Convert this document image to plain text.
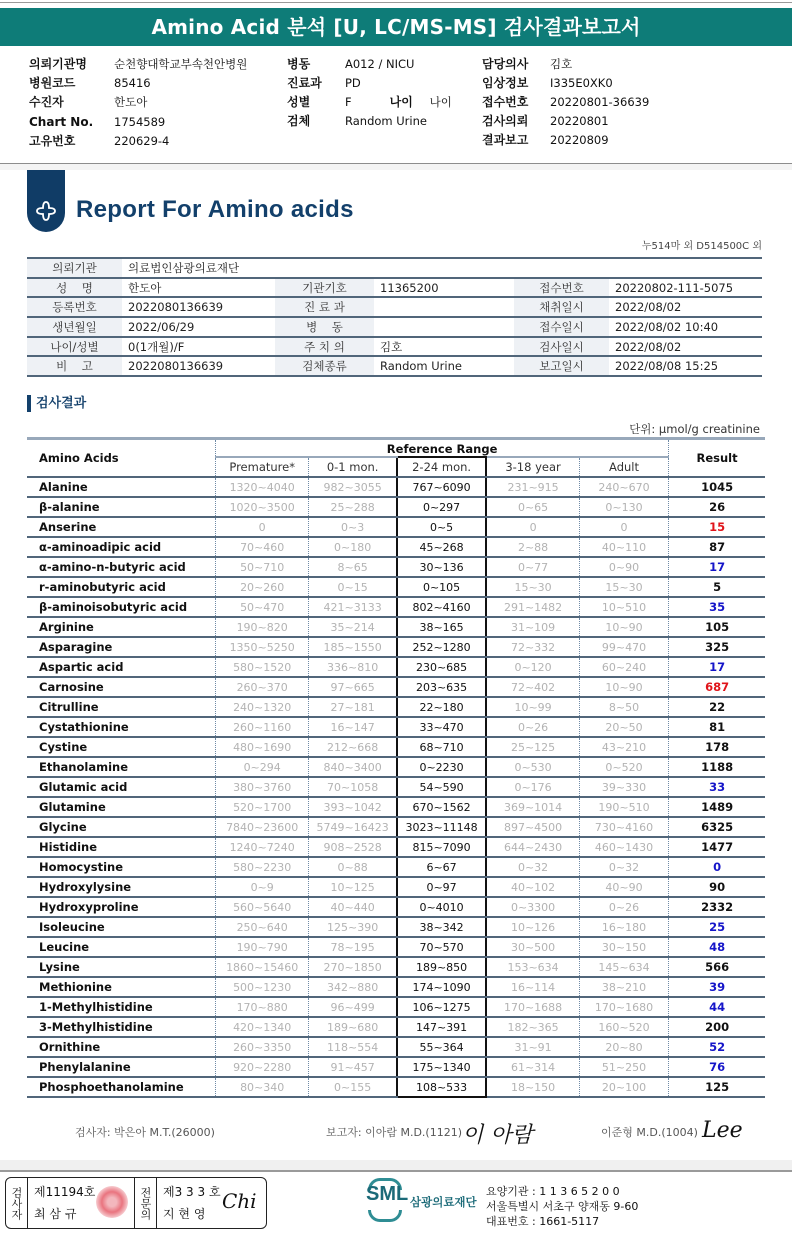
Amino Acid 분석 [U, LC/MS-MS] 검사결과보고서
의뢰기관명 순천향대학교부속천안병원
병원코드	85416
수진자	한도아
Chart No. 1754589
고유번호	220629-4
병동	A012 / NICU
진료과 PD
성별	F	나이 나이
검체	Random Urine
담당의사 김호
임상정보 I335E0XK0
접수번호 20220801-36639
검사의뢰 20220801
결과보고 20220809
Report For Amino acids
누514마 외 D514500C 외
의뢰기관	의료법인삼광의료재단				
성    명	한도아	기관기호	11365200	접수번호	20220802-111-5075
등록번호	2022080136639	진 료 과		채취일시	2022/08/02
생년월일	2022/06/29	병    동		접수일시	2022/08/02 10:40
나이/성별	0(1개월)/F	주 치 의	김호	검사일시	2022/08/02
비    고	2022080136639	검체종류	Random Urine	보고일시	2022/08/08 15:25
검사결과
단위: μmol/g creatinine
Amino Acids	Reference Range					Result
	Premature*	0-1 mon.	2-24 mon.	3-18 year	Adult	
Alanine	1320~4040	982~3055	767~6090	231~915	240~670	1045
β-alanine	1020~3500	25~288	0~297	0~65	0~130	26
Anserine	0	0~3	0~5	0	0	15
α-aminoadipic acid	70~460	0~180	45~268	2~88	40~110	87
α-amino-n-butyric acid	50~710	8~65	30~136	0~77	0~90	17
r-aminobutyric acid	20~260	0~15	0~105	15~30	15~30	5
β-aminoisobutyric acid	50~470	421~3133	802~4160	291~1482	10~510	35
Arginine	190~820	35~214	38~165	31~109	10~90	105
Asparagine	1350~5250	185~1550	252~1280	72~332	99~470	325
Aspartic acid	580~1520	336~810	230~685	0~120	60~240	17
Carnosine	260~370	97~665	203~635	72~402	10~90	687
Citrulline	240~1320	27~181	22~180	10~99	8~50	22
Cystathionine	260~1160	16~147	33~470	0~26	20~50	81
Cystine	480~1690	212~668	68~710	25~125	43~210	178
Ethanolamine	0~294	840~3400	0~2230	0~530	0~520	1188
Glutamic acid	380~3760	70~1058	54~590	0~176	39~330	33
Glutamine	520~1700	393~1042	670~1562	369~1014	190~510	1489
Glycine	7840~23600	5749~16423	3023~11148	897~4500	730~4160	6325
Histidine	1240~7240	908~2528	815~7090	644~2430	460~1430	1477
Homocystine	580~2230	0~88	6~67	0~32	0~32	0
Hydroxylysine	0~9	10~125	0~97	40~102	40~90	90
Hydroxyproline	560~5640	40~440	0~4010	0~3300	0~26	2332
Isoleucine	250~640	125~390	38~342	10~126	16~180	25
Leucine	190~790	78~195	70~570	30~500	30~150	48
Lysine	1860~15460	270~1850	189~850	153~634	145~634	566
Methionine	500~1230	342~880	174~1090	16~114	38~210	39
1-Methylhistidine	170~880	96~499	106~1275	170~1688	170~1680	44
3-Methylhistidine	420~1340	189~680	147~391	182~365	160~520	200
Ornithine	260~3350	118~554	55~364	31~91	20~80	52
Phenylalanine	920~2280	91~457	175~1340	61~314	51~250	76
Phosphoethanolamine	80~340	0~155	108~533	18~150	20~100	125
검사자: 박은아 M.T.(26000)	보고자: 이아람 M.D.(1121) 이 아람	이준형 M.D.(1004) Lee
검사자 제11194호
최 삼 규	전문의 제3 3 3 호
지 현 영
Chi	SML 삼광의료재단
요양기관 : 1 1 3 6 5 2 0 0
서울특별시 서초구 양재동 9-60
대표번호 : 1661-5117
